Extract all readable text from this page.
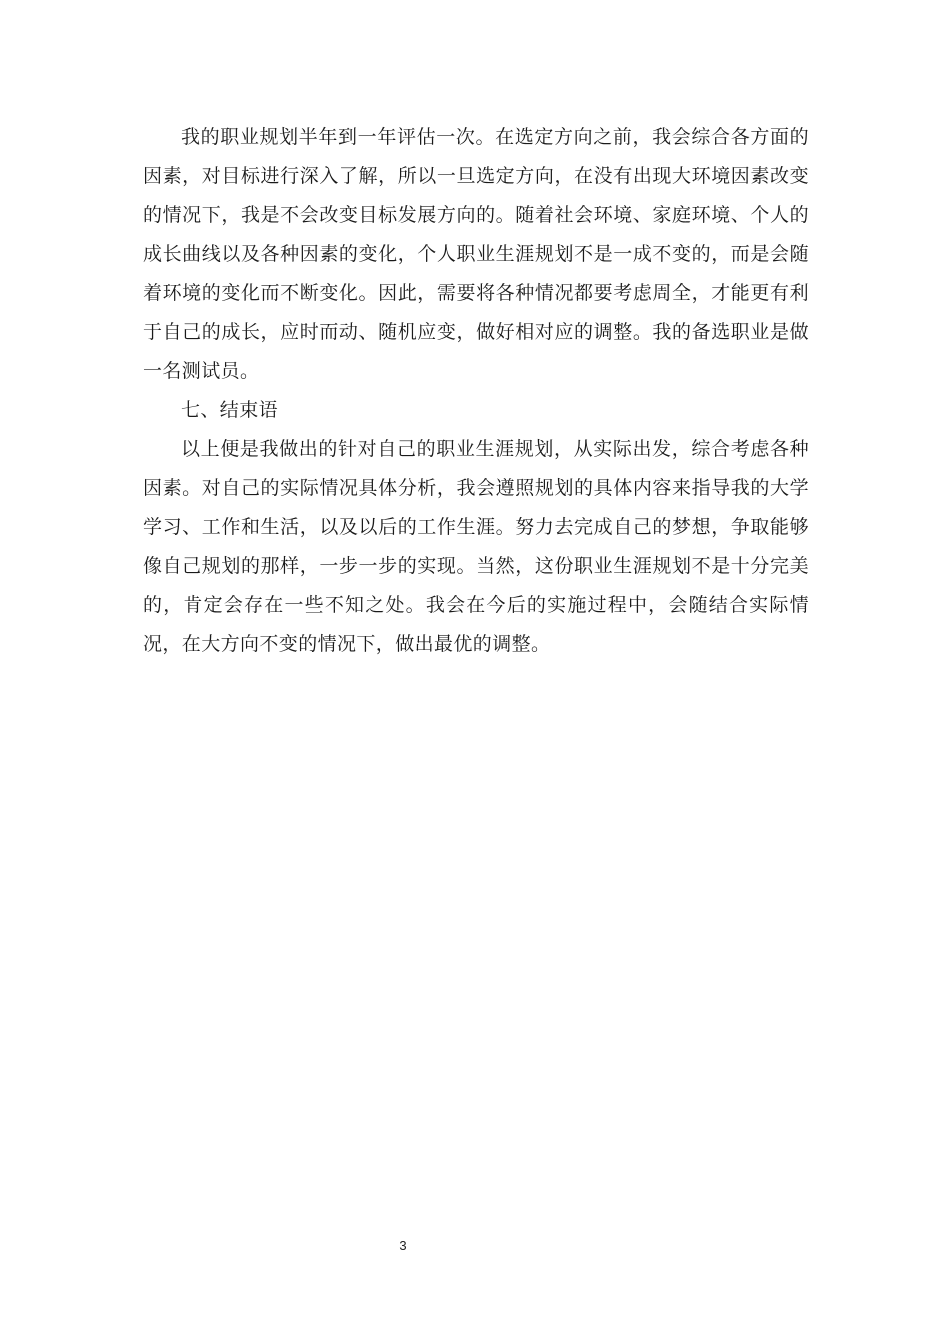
我的职业规划半年到一年评估一次。在选定方向之前，我会综合各方面的因素，对目标进行深入了解，所以一旦选定方向，在没有出现大环境因素改变的情况下，我是不会改变目标发展方向的。随着社会环境、家庭环境、个人的成长曲线以及各种因素的变化，个人职业生涯规划不是一成不变的，而是会随着环境的变化而不断变化。因此，需要将各种情况都要考虑周全，才能更有利于自己的成长，应时而动、随机应变，做好相对应的调整。我的备选职业是做一名测试员。

七、结束语

以上便是我做出的针对自己的职业生涯规划，从实际出发，综合考虑各种因素。对自己的实际情况具体分析，我会遵照规划的具体内容来指导我的大学学习、工作和生活，以及以后的工作生涯。努力去完成自己的梦想，争取能够像自己规划的那样，一步一步的实现。当然，这份职业生涯规划不是十分完美的，肯定会存在一些不知之处。我会在今后的实施过程中，会随结合实际情况，在大方向不变的情况下，做出最优的调整。

3
